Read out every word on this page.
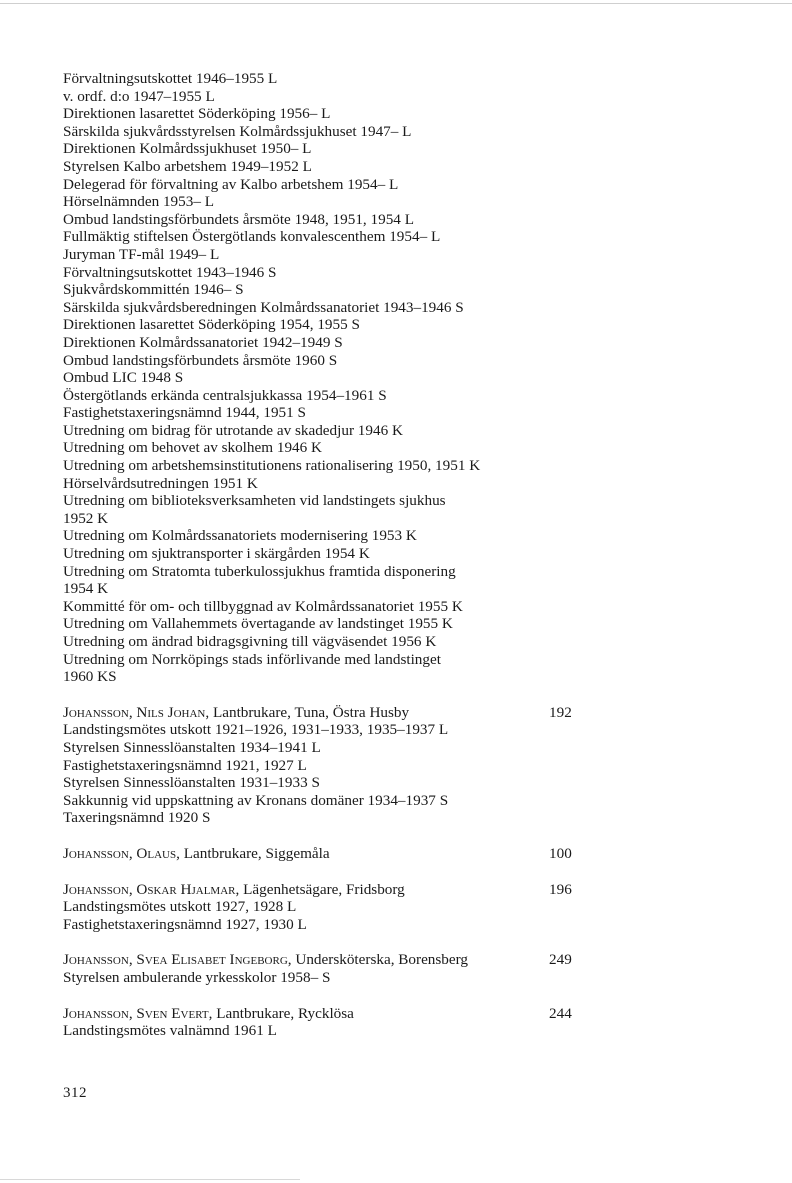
Förvaltningsutskottet 1946–1955 L
v. ordf. d:o 1947–1955 L
Direktionen lasarettet Söderköping 1956– L
Särskilda sjukvårdsstyrelsen Kolmårdssjukhuset 1947– L
Direktionen Kolmårdssjukhuset 1950– L
Styrelsen Kalbo arbetshem 1949–1952 L
Delegerad för förvaltning av Kalbo arbetshem 1954– L
Hörselnämnden 1953– L
Ombud landstingsförbundets årsmöte 1948, 1951, 1954 L
Fullmäktig stiftelsen Östergötlands konvalescenthem 1954– L
Juryman TF-mål 1949– L
Förvaltningsutskottet 1943–1946 S
Sjukvårdskommittén 1946– S
Särskilda sjukvårdsberedningen Kolmårdssanatoriet 1943–1946 S
Direktionen lasarettet Söderköping 1954, 1955 S
Direktionen Kolmårdssanatoriet 1942–1949 S
Ombud landstingsförbundets årsmöte 1960 S
Ombud LIC 1948 S
Östergötlands erkända centralsjukkassa 1954–1961 S
Fastighetstaxeringsnämnd 1944, 1951 S
Utredning om bidrag för utrotande av skadedjur 1946 K
Utredning om behovet av skolhem 1946 K
Utredning om arbetshemsinstitutionens rationalisering 1950, 1951 K
Hörselvårdsutredningen 1951 K
Utredning om biblioteksverksamheten vid landstingets sjukhus
1952 K
Utredning om Kolmårdssanatoriets modernisering 1953 K
Utredning om sjuktransporter i skärgården 1954 K
Utredning om Stratomta tuberkulossjukhus framtida disponering
1954 K
Kommitté för om- och tillbyggnad av Kolmårdssanatoriet 1955 K
Utredning om Vallahemmets övertagande av landstinget 1955 K
Utredning om ändrad bidragsgivning till vägväsendet 1956 K
Utredning om Norrköpings stads införlivande med landstinget
1960 KS
Johansson, Nils Johan, Lantbrukare, Tuna, Östra Husby	192
Landstingsmötes utskott 1921–1926, 1931–1933, 1935–1937 L
Styrelsen Sinnesslöanstalten 1934–1941 L
Fastighetstaxeringsnämnd 1921, 1927 L
Styrelsen Sinnesslöanstalten 1931–1933 S
Sakkunnig vid uppskattning av Kronans domäner 1934–1937 S
Taxeringsnämnd 1920 S
Johansson, Olaus, Lantbrukare, Siggemåla	100
Johansson, Oskar Hjalmar, Lägenhetsägare, Fridsborg	196
Landstingsmötes utskott 1927, 1928 L
Fastighetstaxeringsnämnd 1927, 1930 L
Johansson, Svea Elisabet Ingeborg, Undersköterska, Borensberg	249
Styrelsen ambulerande yrkesskolor 1958– S
Johansson, Sven Evert, Lantbrukare, Rycklösa	244
Landstingsmötes valnämnd 1961 L
312
